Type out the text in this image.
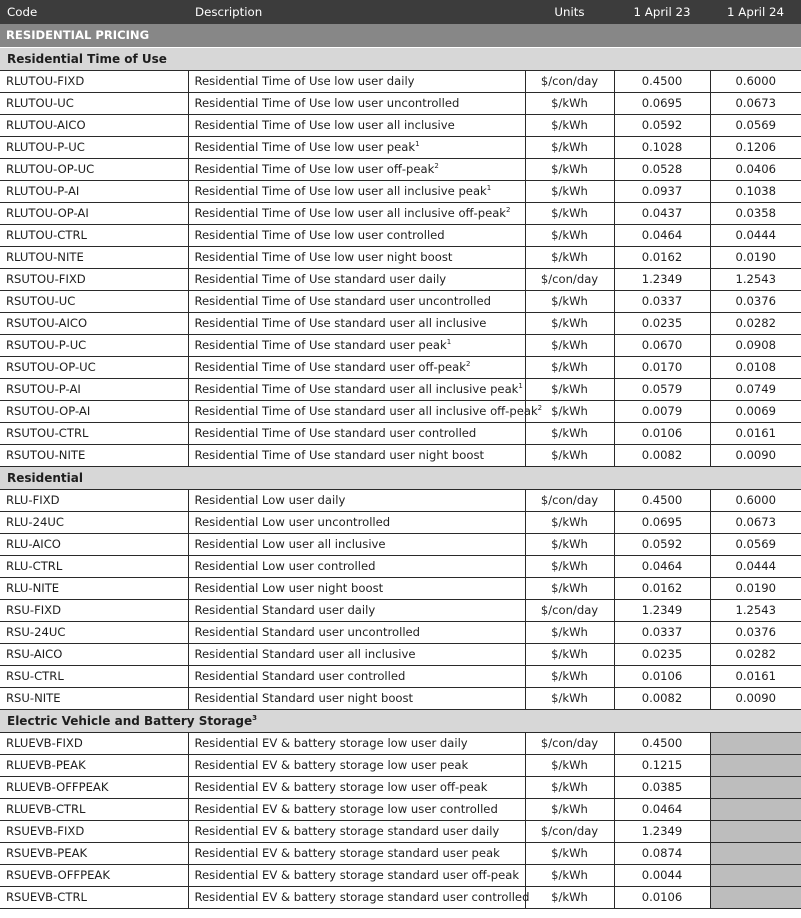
Code	Description	Units	1 April 23	1 April 24
RESIDENTIAL PRICING				
Residential Time of Use				
RLUTOU-FIXD	Residential Time of Use low user daily	$/con/day	0.4500	0.6000
RLUTOU-UC	Residential Time of Use low user uncontrolled	$/kWh	0.0695	0.0673
RLUTOU-AICO	Residential Time of Use low user all inclusive	$/kWh	0.0592	0.0569
RLUTOU-P-UC	Residential Time of Use low user peak$^1$	$/kWh	0.1028	0.1206
RLUTOU-OP-UC	Residential Time of Use low user off-peak$^2$	$/kWh	0.0528	0.0406
RLUTOU-P-AI	Residential Time of Use low user all inclusive peak$^1$	$/kWh	0.0937	0.1038
RLUTOU-OP-AI	Residential Time of Use low user all inclusive off-peak$^2$	$/kWh	0.0437	0.0358
RLUTOU-CTRL	Residential Time of Use low user controlled	$/kWh	0.0464	0.0444
RLUTOU-NITE	Residential Time of Use low user night boost	$/kWh	0.0162	0.0190
RSUTOU-FIXD	Residential Time of Use standard user daily	$/con/day	1.2349	1.2543
RSUTOU-UC	Residential Time of Use standard user uncontrolled	$/kWh	0.0337	0.0376
RSUTOU-AICO	Residential Time of Use standard user all inclusive	$/kWh	0.0235	0.0282
RSUTOU-P-UC	Residential Time of Use standard user peak$^1$	$/kWh	0.0670	0.0908
RSUTOU-OP-UC	Residential Time of Use standard user off-peak$^2$	$/kWh	0.0170	0.0108
RSUTOU-P-AI	Residential Time of Use standard user all inclusive peak$^1$	$/kWh	0.0579	0.0749
RSUTOU-OP-AI	Residential Time of Use standard user all inclusive off-peak$^2$	$/kWh	0.0079	0.0069
RSUTOU-CTRL	Residential Time of Use standard user controlled	$/kWh	0.0106	0.0161
RSUTOU-NITE	Residential Time of Use standard user night boost	$/kWh	0.0082	0.0090
Residential				
RLU-FIXD	Residential Low user daily	$/con/day	0.4500	0.6000
RLU-24UC	Residential Low user uncontrolled	$/kWh	0.0695	0.0673
RLU-AICO	Residential Low user all inclusive	$/kWh	0.0592	0.0569
RLU-CTRL	Residential Low user controlled	$/kWh	0.0464	0.0444
RLU-NITE	Residential Low user night boost	$/kWh	0.0162	0.0190
RSU-FIXD	Residential Standard user daily	$/con/day	1.2349	1.2543
RSU-24UC	Residential Standard user uncontrolled	$/kWh	0.0337	0.0376
RSU-AICO	Residential Standard user all inclusive	$/kWh	0.0235	0.0282
RSU-CTRL	Residential Standard user controlled	$/kWh	0.0106	0.0161
RSU-NITE	Residential Standard user night boost	$/kWh	0.0082	0.0090
Electric Vehicle and Battery Storage$^3$
RLUEVB-FIXD	Residential EV & battery storage low user daily	$/con/day	0.4500	
RLUEVB-PEAK	Residential EV & battery storage low user peak	$/kWh	0.1215	
RLUEVB-OFFPEAK	Residential EV & battery storage low user off-peak	$/kWh	0.0385	
RLUEVB-CTRL	Residential EV & battery storage low user controlled	$/kWh	0.0464	
RSUEVB-FIXD	Residential EV & battery storage standard user daily	$/con/day	1.2349	
RSUEVB-PEAK	Residential EV & battery storage standard user peak	$/kWh	0.0874	
RSUEVB-OFFPEAK	Residential EV & battery storage standard user off-peak	$/kWh	0.0044	
RSUEVB-CTRL	Residential EV & battery storage standard user controlled	$/kWh	0.0106	
